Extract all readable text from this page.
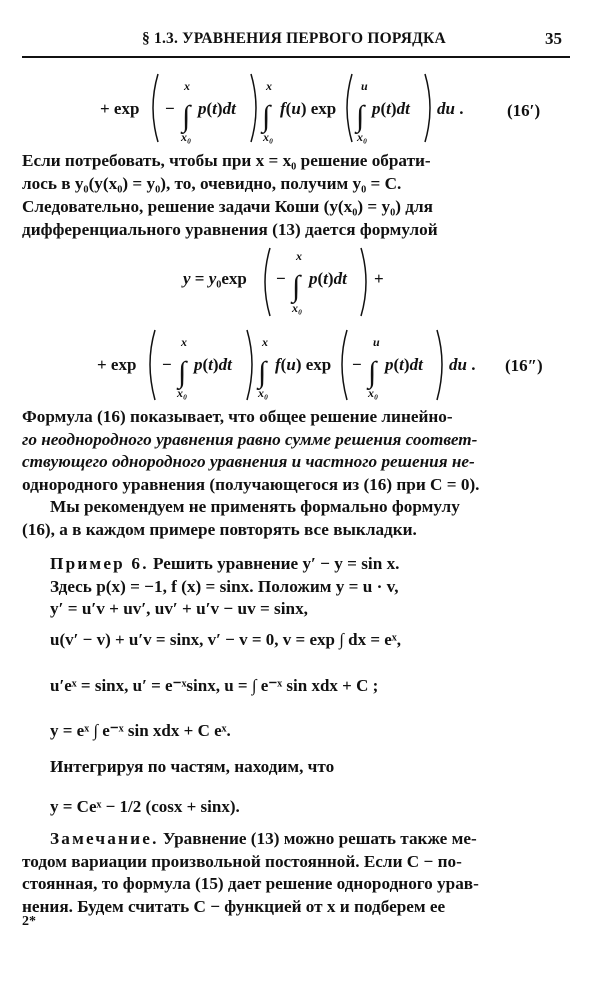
§ 1.3. УРАВНЕНИЯ ПЕРВОГО ПОРЯДКА	35
+ exp − ∫
x
x₀
p(t)dt ∫
x
x₀
f(u) exp ∫
u
x₀
p(t)dt du .	(16′)
Если потребовать, чтобы при x = x₀ решение обрати-
лось в y₀(y(x₀) = y₀), то, очевидно, получим y₀ = C.
Следовательно, решение задачи Коши (y(x₀) = y₀) для
дифференциального уравнения (13) дается формулой
y = y₀exp − ∫
x
x₀
p(t)dt +
+ exp − ∫
x
x₀
p(t)dt ∫
x
x₀
f(u) exp − ∫
u
x₀
p(t)dt du . (16″)
Формула (16) показывает, что общее решение линейно-
го неоднородного уравнения равно сумме решения соответ-
ствующего однородного уравнения и частного решения не-
однородного уравнения (получающегося из (16) при C = 0).
Мы рекомендуем не применять формально формулу
(16), а в каждом примере повторять все выкладки.
Пример 6. Решить уравнение y′ − y = sin x.
Здесь p(x) = −1, f (x) = sinx. Положим y = u · v,
y′ = u′v + uv′, uv′ + u′v − uv = sinx,
u(v′ − v) + u′v = sinx, v′ − v = 0, v = exp ∫ dx = eˣ,
u′eˣ = sinx, u′ = e⁻ˣsinx, u = ∫ e⁻ˣ sin xdx + C ;
y = eˣ ∫ e⁻ˣ sin xdx + C eˣ.
Интегрируя по частям, находим, что
y = Ceˣ − 1/2 (cosx + sinx).
Замечание. Уравнение (13) можно решать также ме-
тодом вариации произвольной постоянной. Если C − по-
стоянная, то формула (15) дает решение однородного урав-
нения. Будем считать C − функцией от x и подберем ее
2*
